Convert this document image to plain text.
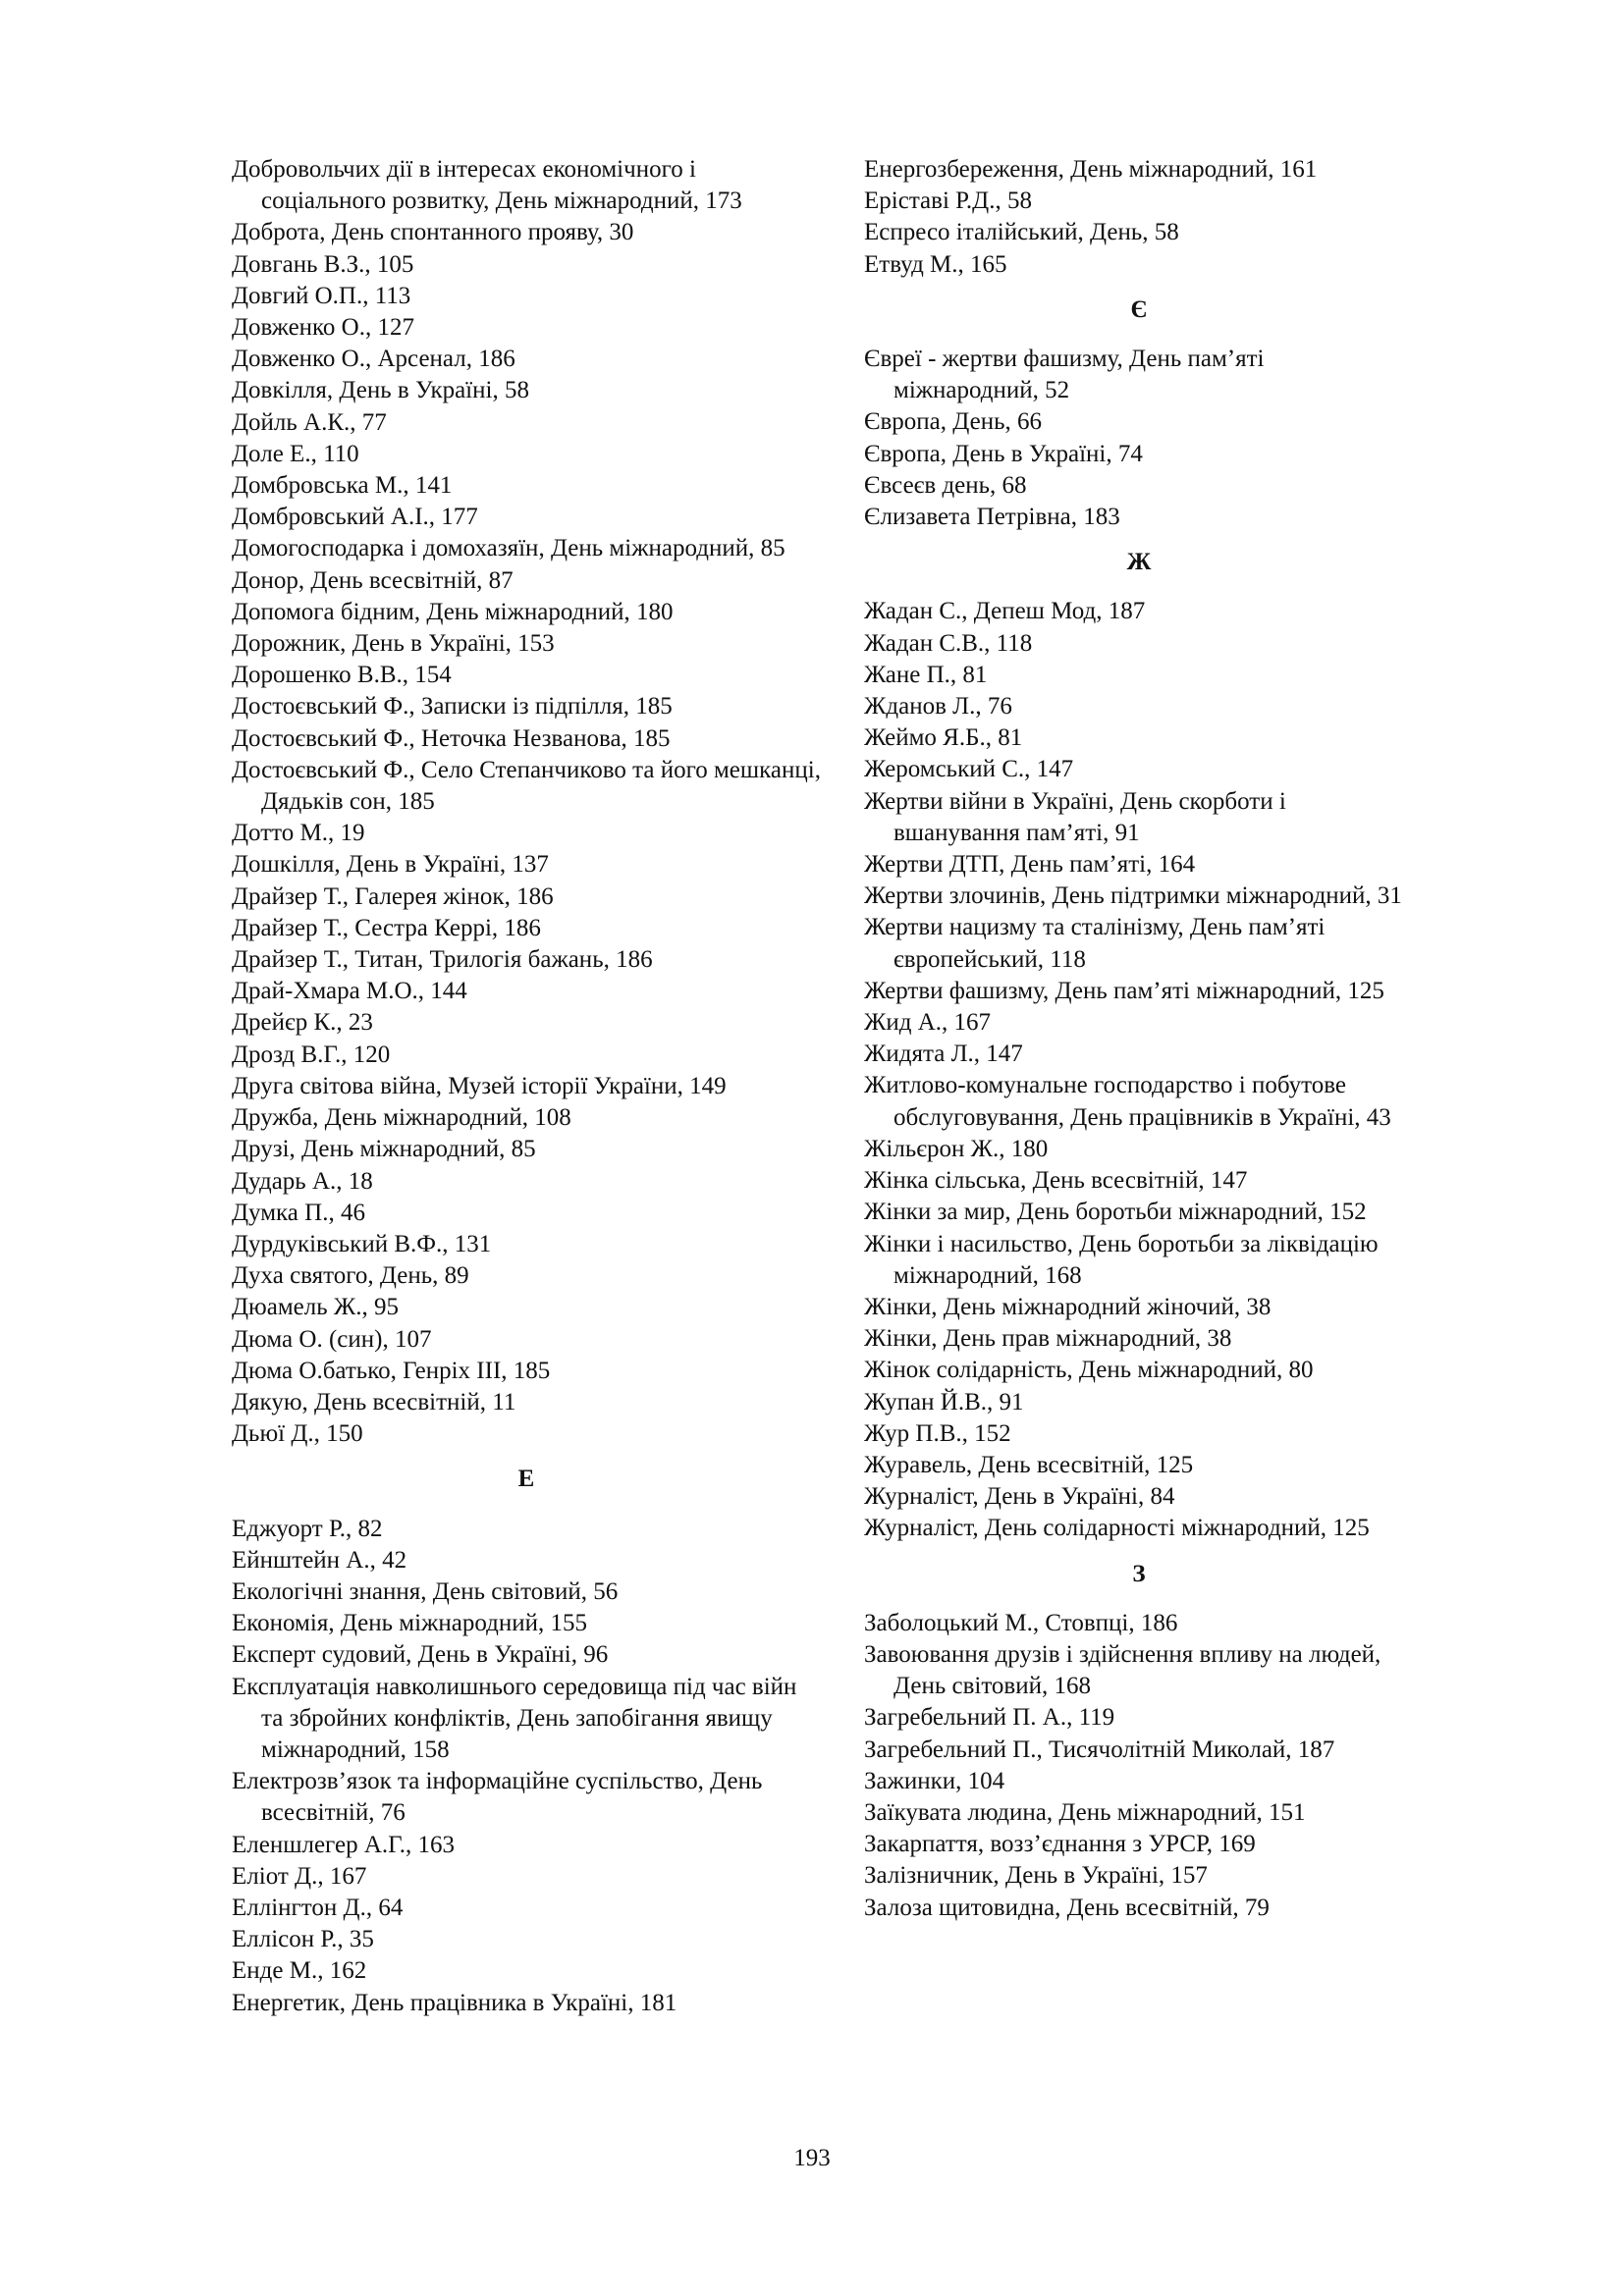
Добровольчих дії в інтересах економічного і соціального розвитку, День міжнародний, 173
Доброта, День спонтанного прояву, 30
Довгань В.З., 105
Довгий О.П., 113
Довженко О., 127
Довженко О., Арсенал, 186
Довкілля, День в Україні, 58
Дойль А.К., 77
Доле Е., 110
Домбровська М., 141
Домбровський А.І., 177
Домогосподарка і домохазяїн, День міжнародний, 85
Донор, День всесвітній, 87
Допомога бідним, День міжнародний, 180
Дорожник, День в Україні, 153
Дорошенко В.В., 154
Достоєвський Ф., Записки із підпілля, 185
Достоєвський Ф., Неточка Незванова, 185
Достоєвський Ф., Село Степанчиково та його мешканці, Дядьків сон, 185
Дотто М., 19
Дошкілля, День в Україні, 137
Драйзер Т., Галерея жінок, 186
Драйзер Т., Сестра Керрі, 186
Драйзер Т., Титан, Трилогія бажань, 186
Драй-Хмара М.О., 144
Дрейєр К., 23
Дрозд В.Г., 120
Друга світова війна, Музей історії України, 149
Дружба, День міжнародний, 108
Друзі, День міжнародний, 85
Дударь А., 18
Думка П., 46
Дурдуківський В.Ф., 131
Духа святого, День, 89
Дюамель Ж., 95
Дюма О. (син), 107
Дюма О.батько, Генріх ІІІ, 185
Дякую, День всесвітній, 11
Дьюї Д., 150
Е
Еджуорт Р., 82
Ейнштейн А., 42
Екологічні знання, День світовий, 56
Економія, День міжнародний, 155
Експерт судовий, День в Україні, 96
Експлуатація навколишнього середовища під час війн та збройних конфліктів, День запобігання явищу міжнародний, 158
Електрозв’язок та інформаційне суспільство, День всесвітній, 76
Еленшлегер А.Г., 163
Еліот Д., 167
Еллінгтон Д., 64
Еллісон Р., 35
Енде М., 162
Енергетик, День працівника в Україні, 181
Енергозбереження, День міжнародний, 161
Еріставі Р.Д., 58
Еспресо італійський, День, 58
Етвуд М., 165
Є
Євреї - жертви фашизму, День пам’яті міжнародний, 52
Європа, День, 66
Європа, День в Україні, 74
Євсеєв день, 68
Єлизавета Петрівна, 183
Ж
Жадан С., Депеш Мод, 187
Жадан С.В., 118
Жане П., 81
Жданов Л., 76
Жеймо Я.Б., 81
Жеромський С., 147
Жертви війни в Україні, День скорботи і вшанування пам’яті, 91
Жертви ДТП, День пам’яті, 164
Жертви злочинів, День підтримки міжнародний, 31
Жертви нацизму та сталінізму, День пам’яті європейський, 118
Жертви фашизму, День пам’яті міжнародний, 125
Жид А., 167
Жидята Л., 147
Житлово-комунальне господарство і побутове обслуговування, День працівників в Україні, 43
Жільєрон Ж., 180
Жінка сільська, День всесвітній, 147
Жінки за мир, День боротьби міжнародний, 152
Жінки і насильство, День боротьби за ліквідацію міжнародний, 168
Жінки, День міжнародний жіночий, 38
Жінки, День прав міжнародний, 38
Жінок солідарність, День міжнародний, 80
Жупан Й.В., 91
Жур П.В., 152
Журавель, День всесвітній, 125
Журналіст, День в Україні, 84
Журналіст, День солідарності міжнародний, 125
З
Заболоцький М., Стовпці, 186
Завоювання друзів і здійснення впливу на людей, День світовий, 168
Загребельний П. А., 119
Загребельний П., Тисячолітній Миколай, 187
Зажинки, 104
Заїкувата людина, День міжнародний, 151
Закарпаття, возз’єднання з УРСР, 169
Залізничник, День в Україні, 157
Залоза щитовидна, День всесвітній, 79
193
